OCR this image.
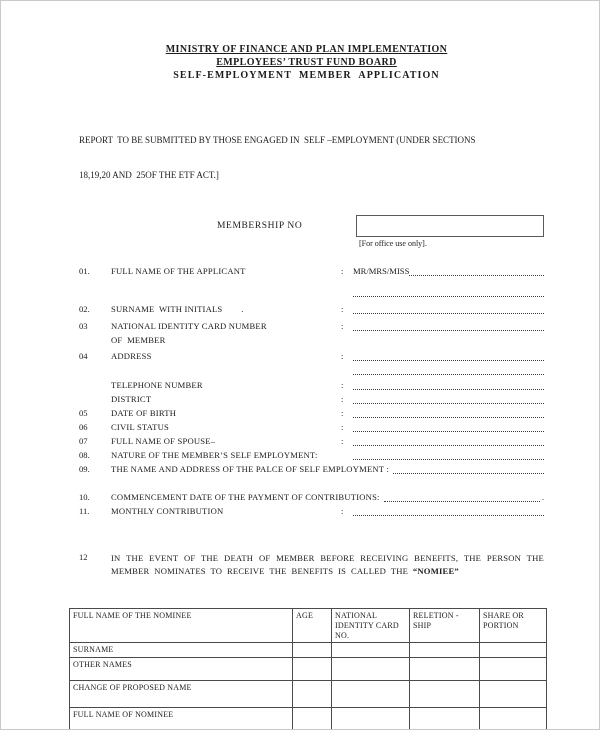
MINISTRY OF FINANCE AND PLAN IMPLEMENTATION
EMPLOYEES’ TRUST FUND BOARD
SELF-EMPLOYMENT  MEMBER  APPLICATION

REPORT  TO BE SUBMITTED BY THOSE ENGAGED IN  SELF –EMPLOYMENT (UNDER SECTIONS

18,19,20 AND  25OF THE ETF ACT.]

MEMBERSHIP NO
[For office use only].
01.	FULL NAME OF THE APPLICANT	:	MR/MRS/MISS
02.	SURNAME  WITH INITIALS        .	:
03	NATIONAL IDENTITY CARD NUMBER	:
OF  MEMBER
04	ADDRESS	:
TELEPHONE NUMBER	:
DISTRICT	:
05	DATE OF BIRTH	:
06	CIVIL STATUS	:
07	FULL NAME OF SPOUSE–	:
08.	NATURE OF THE MEMBER’S SELF EMPLOYMENT:
09.	THE NAME AND ADDRESS OF THE PALCE OF SELF EMPLOYMENT :
10.	COMMENCEMENT DATE OF THE PAYMENT OF CONTRIBUTIONS:	.
11.	MONTHLY CONTRIBUTION	:
12	IN THE EVENT OF THE DEATH OF MEMBER BEFORE RECEIVING BENEFITS, THE PERSON THE MEMBER NOMINATES TO RECEIVE THE BENEFITS IS CALLED THE “NOMIEE”
FULL NAME OF THE NOMINEE	AGE	NATIONAL IDENTITY CARD NO.	RELETION -SHIP	SHARE OR PORTION
SURNAME				
OTHER NAMES				
CHANGE OF PROPOSED NAME				
FULL NAME OF NOMINEE				
